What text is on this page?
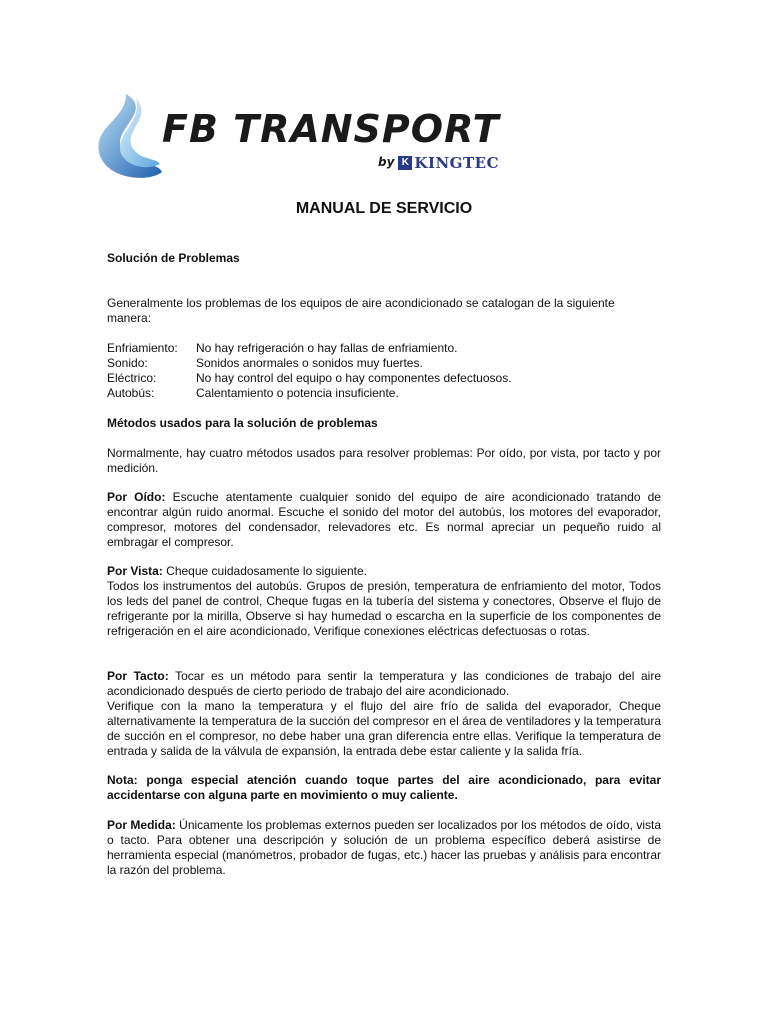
FB TRANSPORT
$^{by}$ K KINGTEC
MANUAL DE SERVICIO
Solución de Problemas

Generalmente los problemas de los equipos de aire acondicionado se catalogan de la siguiente manera:

Enfriamiento: No hay refrigeración o hay fallas de enfriamiento.
Sonido:	Sonidos anormales o sonidos muy fuertes.
Eléctrico:	No hay control del equipo o hay componentes defectuosos.
Autobús:	Calentamiento o potencia insuficiente.
Métodos usados para la solución de problemas

Normalmente, hay cuatro métodos usados para resolver problemas: Por oído, por vista, por tacto y por medición.

Por Oído: Escuche atentamente cualquier sonido del equipo de aire acondicionado tratando de encontrar algún ruido anormal. Escuche el sonido del motor del autobús, los motores del evaporador, compresor, motores del condensador, relevadores etc. Es normal apreciar un pequeño ruido al embragar el compresor.

Por Vista: Cheque cuidadosamente lo siguiente.

Todos los instrumentos del autobús. Grupos de presión, temperatura de enfriamiento del motor, Todos los leds del panel de control, Cheque fugas en la tubería del sistema y conectores, Observe el flujo de refrigerante por la mirilla, Observe si hay humedad o escarcha en la superficie de los componentes de refrigeración en el aire acondicionado, Verifique conexiones eléctricas defectuosas o rotas.

Por Tacto: Tocar es un método para sentir la temperatura y las condiciones de trabajo del aire acondicionado después de cierto periodo de trabajo del aire acondicionado.

Verifique con la mano la temperatura y el flujo del aire frío de salida del evaporador, Cheque alternativamente la temperatura de la succión del compresor en el área de ventiladores y la temperatura de succión en el compresor, no debe haber una gran diferencia entre ellas. Verifique la temperatura de entrada y salida de la válvula de expansión, la entrada debe estar caliente y la salida fría.

Nota: ponga especial atención cuando toque partes del aire acondicionado, para evitar accidentarse con alguna parte en movimiento o muy caliente.

Por Medida: Únicamente los problemas externos pueden ser localizados por los métodos de oído, vista o tacto. Para obtener una descripción y solución de un problema específico deberá asistirse de herramienta especial (manómetros, probador de fugas, etc.) hacer las pruebas y análisis para encontrar la razón del problema.
